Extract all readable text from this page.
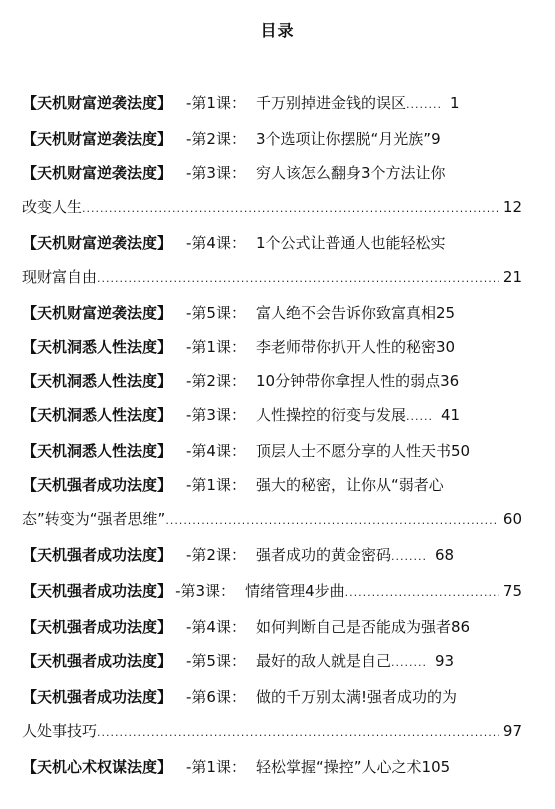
目录
【天机财富逆袭法度】 -第1课： 千万别掉进金钱的误区 ........	1
【天机财富逆袭法度】 -第2课： 3个选项让你摆脱“月光族” 9
【天机财富逆袭法度】 -第3课： 穷人该怎么翻身3个方法让你
改变人生 .....	12
【天机财富逆袭法度】 -第4课： 1个公式让普通人也能轻松实
现财富自由 .....	21
【天机财富逆袭法度】 -第5课： 富人绝不会告诉你致富真相 25
【天机洞悉人性法度】 -第1课： 李老师带你扒开人性的秘密 30
【天机洞悉人性法度】 -第2课： 10分钟带你拿捏人性的弱点 36
【天机洞悉人性法度】 -第3课： 人性操控的衍变与发展 ...... 41
【天机洞悉人性法度】 -第4课： 顶层人士不愿分享的人性天书 50
【天机强者成功法度】 -第1课： 强大的秘密，让你从“弱者心
态”转变为“强者思维” .....	60
【天机强者成功法度】 -第2课： 强者成功的黄金密码 ........	68
【天机强者成功法度】 -第3课： 情绪管理4步曲 .....	75
【天机强者成功法度】 -第4课： 如何判断自己是否能成为强者 86
【天机强者成功法度】 -第5课： 最好的敌人就是自己 ........	93
【天机强者成功法度】 -第6课： 做的千万别太满!强者成功的为
人处事技巧 .....	97
【天机心术权谋法度】 -第1课： 轻松掌握“操控”人心之术 105
